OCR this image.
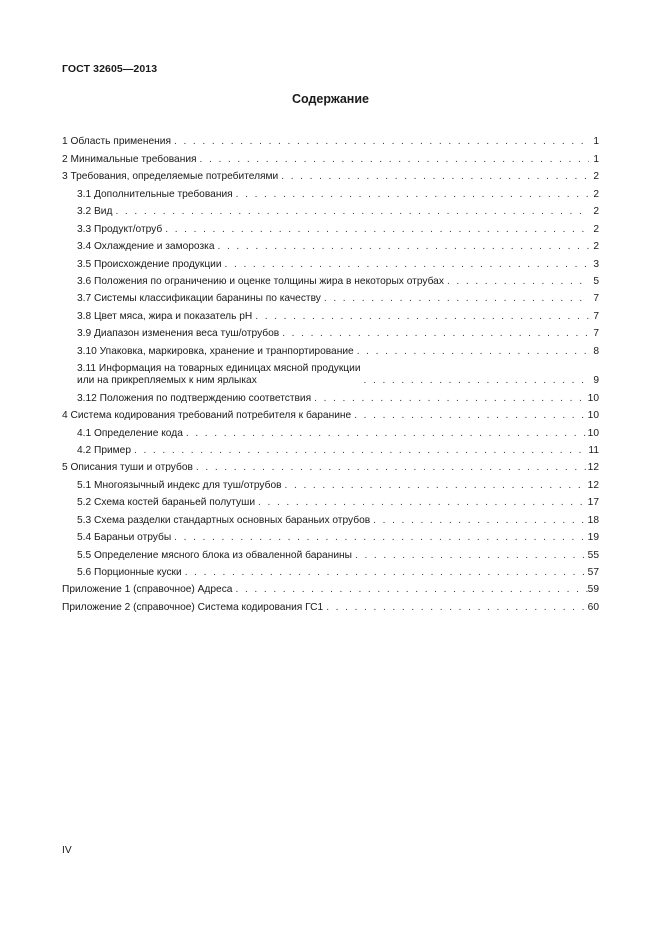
ГОСТ 32605—2013
Содержание
1 Область применения . . .	1
2 Минимальные требования . . .	1
3 Требования, определяемые потребителями . . .	2
3.1 Дополнительные требования . . .	2
3.2 Вид . . .	2
3.3 Продукт/отруб . . .	2
3.4 Охлаждение и заморозка . . .	2
3.5 Происхождение продукции . . .	3
3.6 Положения по ограничению и оценке толщины жира в некоторых отрубах . . .	5
3.7 Системы классификации баранины по качеству . . .	7
3.8 Цвет мяса, жира и показатель pH . . .	7
3.9 Диапазон изменения веса туш/отрубов . . .	7
3.10 Упаковка, маркировка, хранение и транпортирование . . .	8
3.11 Информация на товарных единицах мясной продукции
или на прикрепляемых к ним ярлыках . . .	9
3.12 Положения по подтверждению соответствия . . .	10
4 Система кодирования требований потребителя к баранине . . .	10
4.1 Определение кода . . .	10
4.2 Пример . . .	11
5 Описания туши и отрубов . . .	12
5.1 Многоязычный индекс для туш/отрубов . . .	12
5.2 Схема костей бараньей полутуши . . .	17
5.3 Схема разделки стандартных основных бараньих отрубов . . .	18
5.4 Бараньи отрубы . . .	19
5.5 Определение мясного блока из обваленной баранины . . .	55
5.6 Порционные куски . . .	57
Приложение 1 (справочное) Адреса . . .	59
Приложение 2 (справочное) Система кодирования ГС1 . . .	60
IV
